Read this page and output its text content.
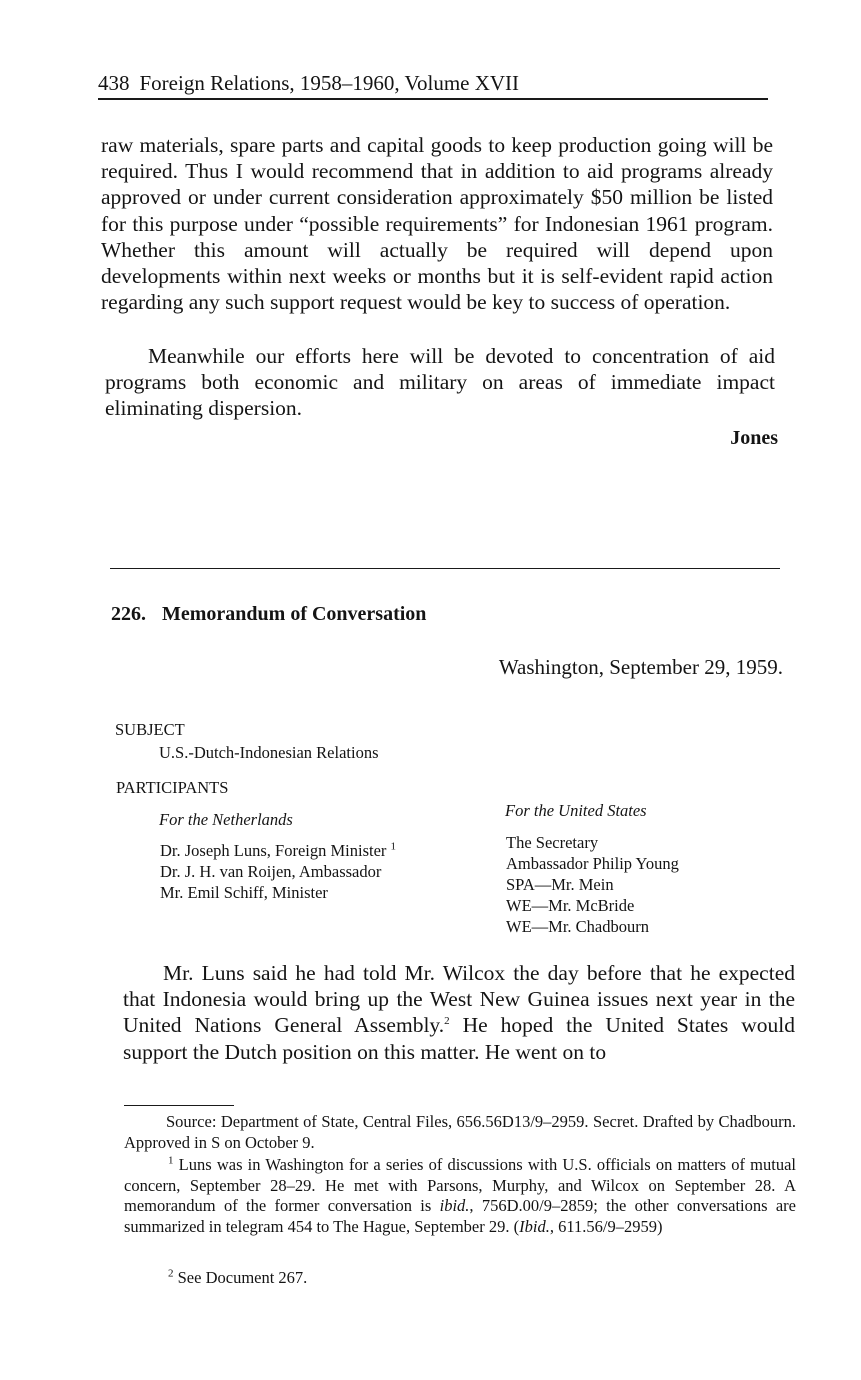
438 Foreign Relations, 1958–1960, Volume XVII
raw materials, spare parts and capital goods to keep production going will be required. Thus I would recommend that in addition to aid programs already approved or under current consideration approximately $50 million be listed for this purpose under “possible requirements” for Indonesian 1961 program. Whether this amount will actually be required will depend upon developments within next weeks or months but it is self-evident rapid action regarding any such support request would be key to success of operation.
Meanwhile our efforts here will be devoted to concentration of aid programs both economic and military on areas of immediate impact eliminating dispersion.
Jones
226. Memorandum of Conversation
Washington, September 29, 1959.
SUBJECT
U.S.-Dutch-Indonesian Relations
PARTICIPANTS
For the Netherlands
Dr. Joseph Luns, Foreign Minister $^1$
Dr. J. H. van Roijen, Ambassador
Mr. Emil Schiff, Minister
For the United States
The Secretary
Ambassador Philip Young
SPA—Mr. Mein
WE—Mr. McBride
WE—Mr. Chadbourn
Mr. Luns said he had told Mr. Wilcox the day before that he expected that Indonesia would bring up the West New Guinea issues next year in the United Nations General Assembly.$^2$ He hoped the United States would support the Dutch position on this matter. He went on to
Source: Department of State, Central Files, 656.56D13/9–2959. Secret. Drafted by Chadbourn. Approved in S on October 9.
$^1$ Luns was in Washington for a series of discussions with U.S. officials on matters of mutual concern, September 28–29. He met with Parsons, Murphy, and Wilcox on September 28. A memorandum of the former conversation is ibid., 756D.00/9–2859; the other conversations are summarized in telegram 454 to The Hague, September 29. (Ibid., 611.56/9–2959)
$^2$ See Document 267.
